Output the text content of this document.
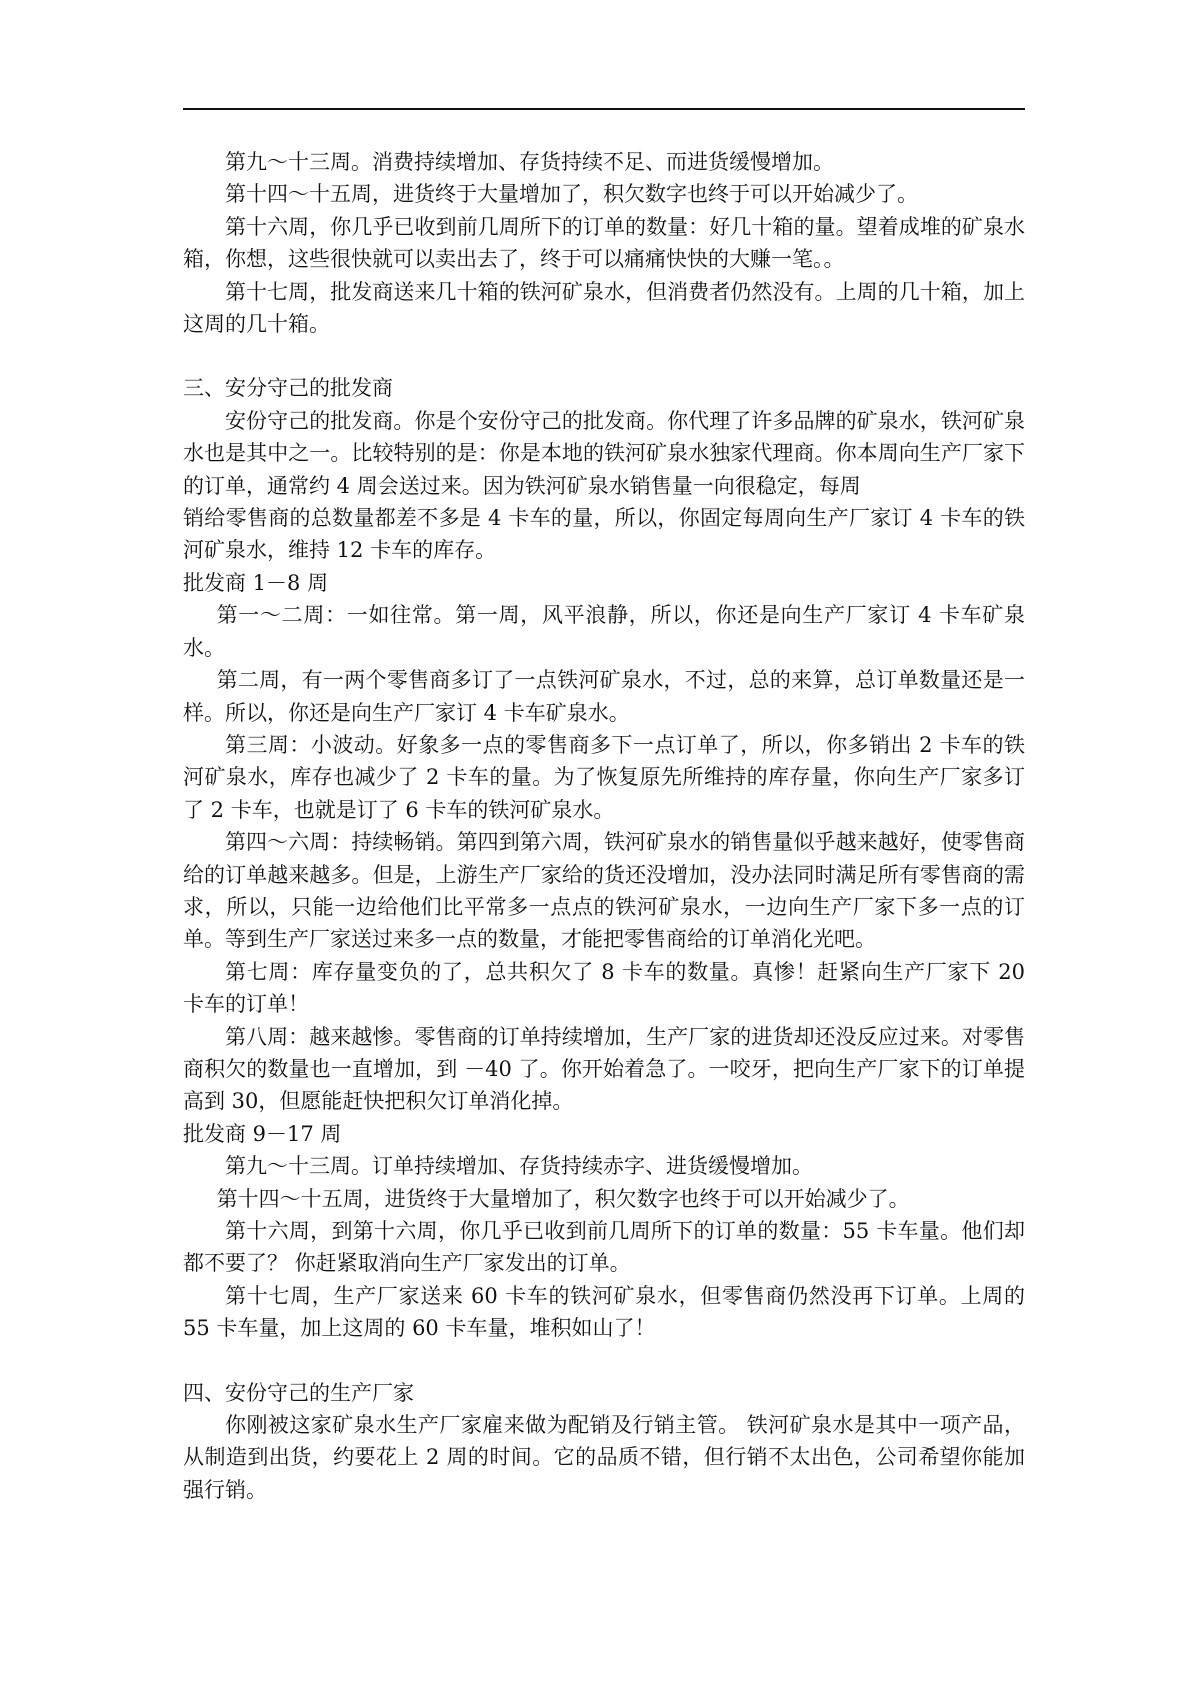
第九～十三周。消费持续增加、存货持续不足、而进货缓慢增加。

第十四～十五周，进货终于大量增加了，积欠数字也终于可以开始减少了。

第十六周，你几乎已收到前几周所下的订单的数量：好几十箱的量。望着成堆的矿泉水箱，你想，这些很快就可以卖出去了，终于可以痛痛快快的大赚一笔。。

第十七周，批发商送来几十箱的铁河矿泉水，但消费者仍然没有。上周的几十箱，加上这周的几十箱。

三、安分守己的批发商

安份守己的批发商。你是个安份守己的批发商。你代理了许多品牌的矿泉水，铁河矿泉水也是其中之一。比较特别的是：你是本地的铁河矿泉水独家代理商。你本周向生产厂家下的订单，通常约 4 周会送过来。因为铁河矿泉水销售量一向很稳定，每周

销给零售商的总数量都差不多是 4 卡车的量，所以，你固定每周向生产厂家订 4 卡车的铁河矿泉水，维持 12 卡车的库存。

批发商 1－8 周

第一～二周：一如往常。第一周，风平浪静，所以，你还是向生产厂家订 4 卡车矿泉水。

第二周，有一两个零售商多订了一点铁河矿泉水，不过，总的来算，总订单数量还是一样。所以，你还是向生产厂家订 4 卡车矿泉水。

第三周：小波动。好象多一点的零售商多下一点订单了，所以，你多销出 2 卡车的铁河矿泉水，库存也减少了 2 卡车的量。为了恢复原先所维持的库存量，你向生产厂家多订了 2 卡车，也就是订了 6 卡车的铁河矿泉水。

第四～六周：持续畅销。第四到第六周，铁河矿泉水的销售量似乎越来越好，使零售商给的订单越来越多。但是，上游生产厂家给的货还没增加，没办法同时满足所有零售商的需求，所以，只能一边给他们比平常多一点点的铁河矿泉水，一边向生产厂家下多一点的订单。等到生产厂家送过来多一点的数量，才能把零售商给的订单消化光吧。

第七周：库存量变负的了，总共积欠了 8 卡车的数量。真惨！赶紧向生产厂家下 20 卡车的订单！

第八周：越来越惨。零售商的订单持续增加，生产厂家的进货却还没反应过来。对零售商积欠的数量也一直增加，到 －40 了。你开始着急了。一咬牙，把向生产厂家下的订单提高到 30，但愿能赶快把积欠订单消化掉。

批发商 9－17 周

第九～十三周。订单持续增加、存货持续赤字、进货缓慢增加。

第十四～十五周，进货终于大量增加了，积欠数字也终于可以开始减少了。

第十六周，到第十六周，你几乎已收到前几周所下的订单的数量：55 卡车量。他们却都不要了？ 你赶紧取消向生产厂家发出的订单。

第十七周，生产厂家送来 60 卡车的铁河矿泉水，但零售商仍然没再下订单。上周的 55 卡车量，加上这周的 60 卡车量，堆积如山了！

四、安份守己的生产厂家

你刚被这家矿泉水生产厂家雇来做为配销及行销主管。 铁河矿泉水是其中一项产品，从制造到出货，约要花上 2 周的时间。它的品质不错，但行销不太出色，公司希望你能加强行销。
